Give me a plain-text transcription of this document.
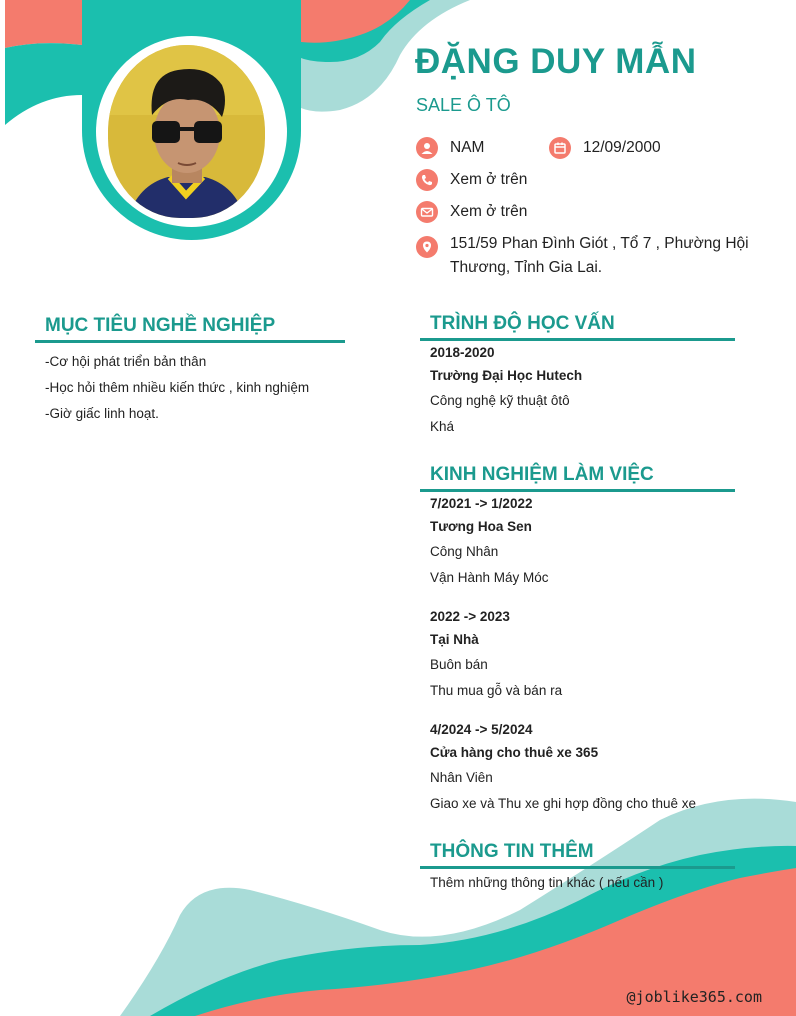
ĐẶNG DUY MẪN
SALE Ô TÔ
NAM	12/09/2000
Xem ở trên
Xem ở trên
151/59 Phan Đình Giót , Tổ 7 , Phường Hội Thương, Tỉnh Gia Lai.
MỤC TIÊU NGHỀ NGHIỆP
-Cơ hội phát triển bản thân
-Học hỏi thêm nhiều kiến thức , kinh nghiệm
-Giờ giấc linh hoạt.
TRÌNH ĐỘ HỌC VẤN
2018-2020
Trường Đại Học Hutech
Công nghệ kỹ thuật ôtô
Khá
KINH NGHIỆM LÀM VIỆC
7/2021 -> 1/2022
Tương Hoa Sen
Công Nhân
Vận Hành Máy Móc
2022 -> 2023
Tại Nhà
Buôn bán
Thu mua gỗ và bán ra
4/2024 -> 5/2024
Cửa hàng cho thuê xe 365
Nhân Viên
Giao xe và Thu xe ghi hợp đồng cho thuê xe
THÔNG TIN THÊM
Thêm những thông tin khác ( nếu cần )
@joblike365.com
